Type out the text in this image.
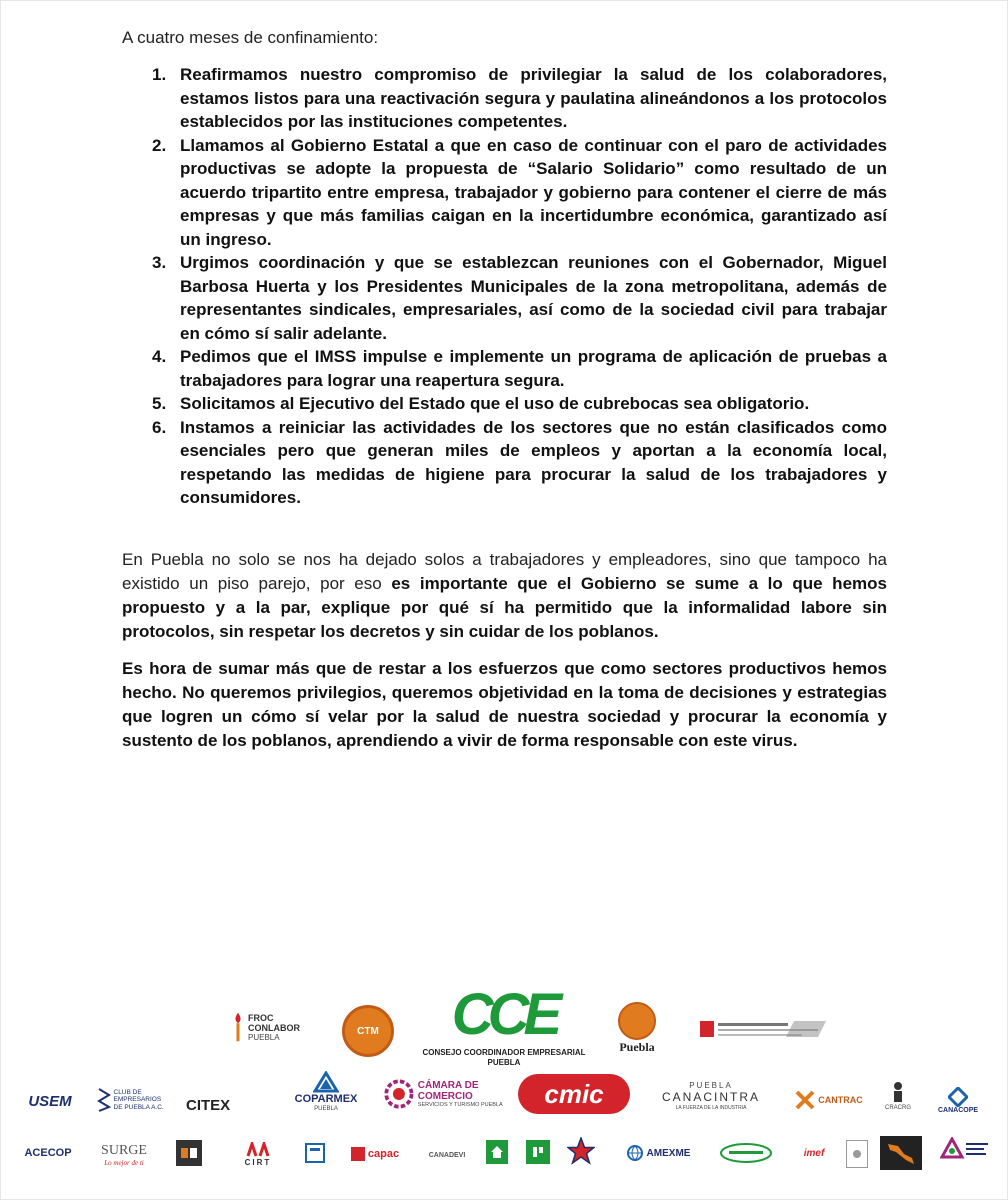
A cuatro meses de confinamiento:
1. Reafirmamos nuestro compromiso de privilegiar la salud de los colaboradores, estamos listos para una reactivación segura y paulatina alineándonos a los protocolos establecidos por las instituciones competentes.
2. Llamamos al Gobierno Estatal a que en caso de continuar con el paro de actividades productivas se adopte la propuesta de “Salario Solidario” como resultado de un acuerdo tripartito entre empresa, trabajador y gobierno para contener el cierre de más empresas y que más familias caigan en la incertidumbre económica, garantizado así un ingreso.
3. Urgimos coordinación y que se establezcan reuniones con el Gobernador, Miguel Barbosa Huerta y los Presidentes Municipales de la zona metropolitana, además de representantes sindicales, empresariales, así como de la sociedad civil para trabajar en cómo sí salir adelante.
4. Pedimos que el IMSS impulse e implemente un programa de aplicación de pruebas a trabajadores para lograr una reapertura segura.
5. Solicitamos al Ejecutivo del Estado que el uso de cubrebocas sea obligatorio.
6. Instamos a reiniciar las actividades de los sectores que no están clasificados como esenciales pero que generan miles de empleos y aportan a la economía local, respetando las medidas de higiene para procurar la salud de los trabajadores y consumidores.

En Puebla no solo se nos ha dejado solos a trabajadores y empleadores, sino que tampoco ha existido un piso parejo, por eso es importante que el Gobierno se sume a lo que hemos propuesto y a la par, explique por qué sí ha permitido que la informalidad labore sin protocolos, sin respetar los decretos y sin cuidar de los poblanos.

Es hora de sumar más que de restar a los esfuerzos que como sectores productivos hemos hecho. No queremos privilegios, queremos objetividad en la toma de decisiones y estrategias que logren un cómo sí velar por la salud de nuestra sociedad y procurar la economía y sustento de los poblanos, aprendiendo a vivir de forma responsable con este virus.

FROC CONLABOR
PUEBLA
CTM CCE
CONSEJO COORDINADOR EMPRESARIAL
PUEBLA
Puebla
USEM
CLUB DE EMPRESARIOS DE PUEBLA A.C. CITEX	COPARMEX
PUEBLA
CÁMARA DE COMERCIO
SERVICIOS Y TURISMO PUEBLA cmic	PUEBLA
CANACINTRA
LA FUERZA DE LA INDUSTRIA
CANTRAC
CRACRG	CANACOPE
ACECOP SURGE
Lo mejor de ti	CIRT
capac	CANADEVI	AMEXME	imef
